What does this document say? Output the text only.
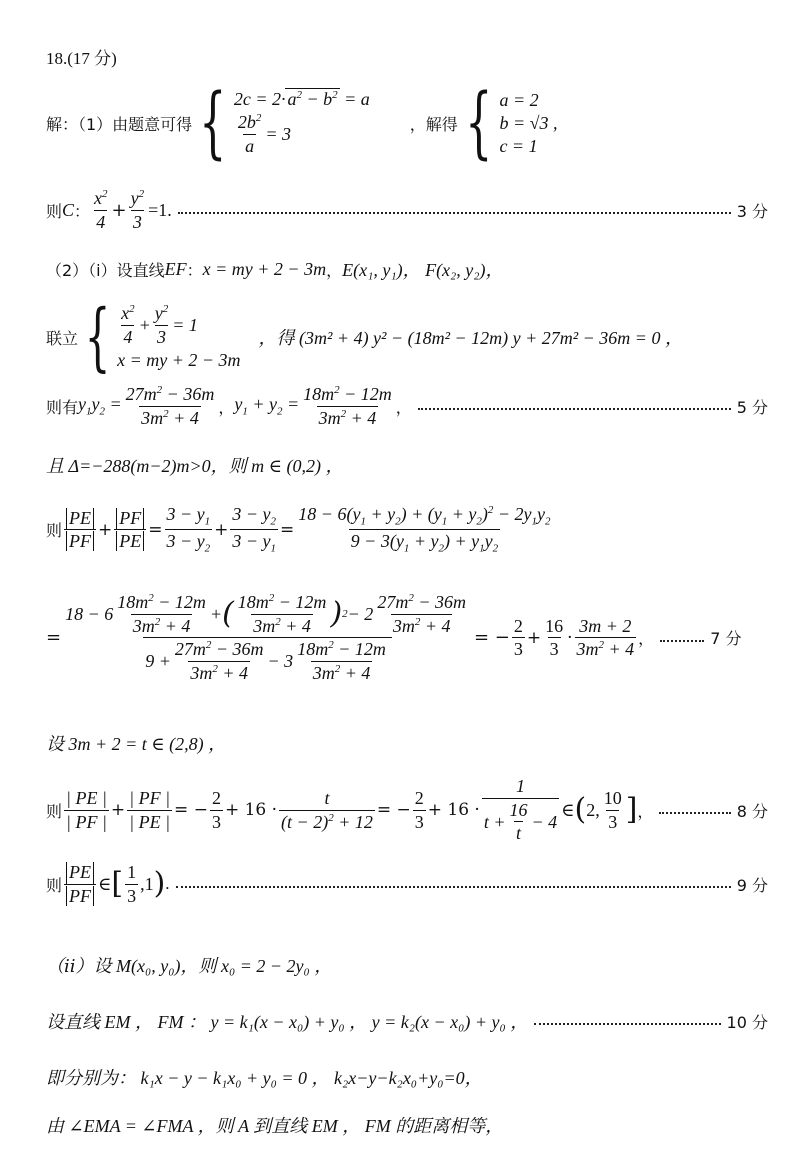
18.(17 分)
解：（1）由题意可得 { $2c = 2\cdot a^2 - b^2 = a$
$\frac{2b^2}{a} = 3$	，解得 { a = 2
b = √3 ,
c = 1
则 C ： $\frac{x^2}{4} + \frac{y^2}{3} =1$.	3 分
（2）（ⅰ）设直线 EF ： x = my + 2 − 3m ， E(x₁, y₁)， F(x₂, y₂)，
联立 { $\frac{x^2}{4} + \frac{y^2}{3} = 1$
x = my + 2 − 3m
，得 (3m² + 4) y² − (18m² − 12m) y + 27m² − 36m = 0 ，
则有 $y_1y_2 = \frac{27m^2 - 36m}{3m^2 + 4}$ ， $y_1 + y_2 = \frac{18m^2 - 12m}{3m^2 + 4}$ ，	5 分
且 Δ=−288(m−2)m>0，则 m ∈ (0,2) ，
则 $\frac{PE}{PF} + \frac{PF}{PE} = \frac{3 - y_1}{3 - y_2} + \frac{3 - y_2}{3 - y_1} = \frac{18 - 6(y_1 + y_2) + (y_1 + y_2)^2 - 2y_1y_2}{9 - 3(y_1 + y_2) + y_1y_2}$
=
$18 - 6 \frac{18m^2 - 12m}{3m^2 + 4}$ + ( $\frac{18m^2 - 12m}{3m^2 + 4}$ ) $2 - 2 \frac{27m^2 - 36m}{3m^2 + 4}$
$9 + \frac{27m^2 - 36m}{3m^2 + 4} - 3 \frac{18m^2 - 12m}{3m^2 + 4}$
= − $\frac{2}{3} + \frac{16}{3} \cdot \frac{3m + 2}{3m^2 + 4}$ ，	7 分
设 3m + 2 = t ∈ (2,8) ，
则 $\frac{| PE |}{| PF |} + \frac{| PF |}{| PE |}$ = − $\frac{2}{3} + 16 \cdot \frac{t}{(t - 2)^2 + 12}$ = − $\frac{2}{3} + 16 \cdot \frac{1}{t + \frac{16}{t} - 4}$ ∈ ( 2, $\frac{10}{3}$ ] ，	8 分
则 $\frac{PE}{PF}$ ∈ [ $\frac{1}{3} ,1$ ) .	9 分
（ⅱ）设 M(x₀, y₀)，则 x₀ = 2 − 2y₀ ，
设直线 EM ， FM ： y = k₁(x − x₀) + y₀ ， y = k₂(x − x₀) + y₀ ，	10 分
即分别为： k₁x − y − k₁x₀ + y₀ = 0 ， k₂x−y−k₂x₀+y₀=0，
由 ∠EMA = ∠FMA ，则 A 到直线 EM ， FM 的距离相等，
